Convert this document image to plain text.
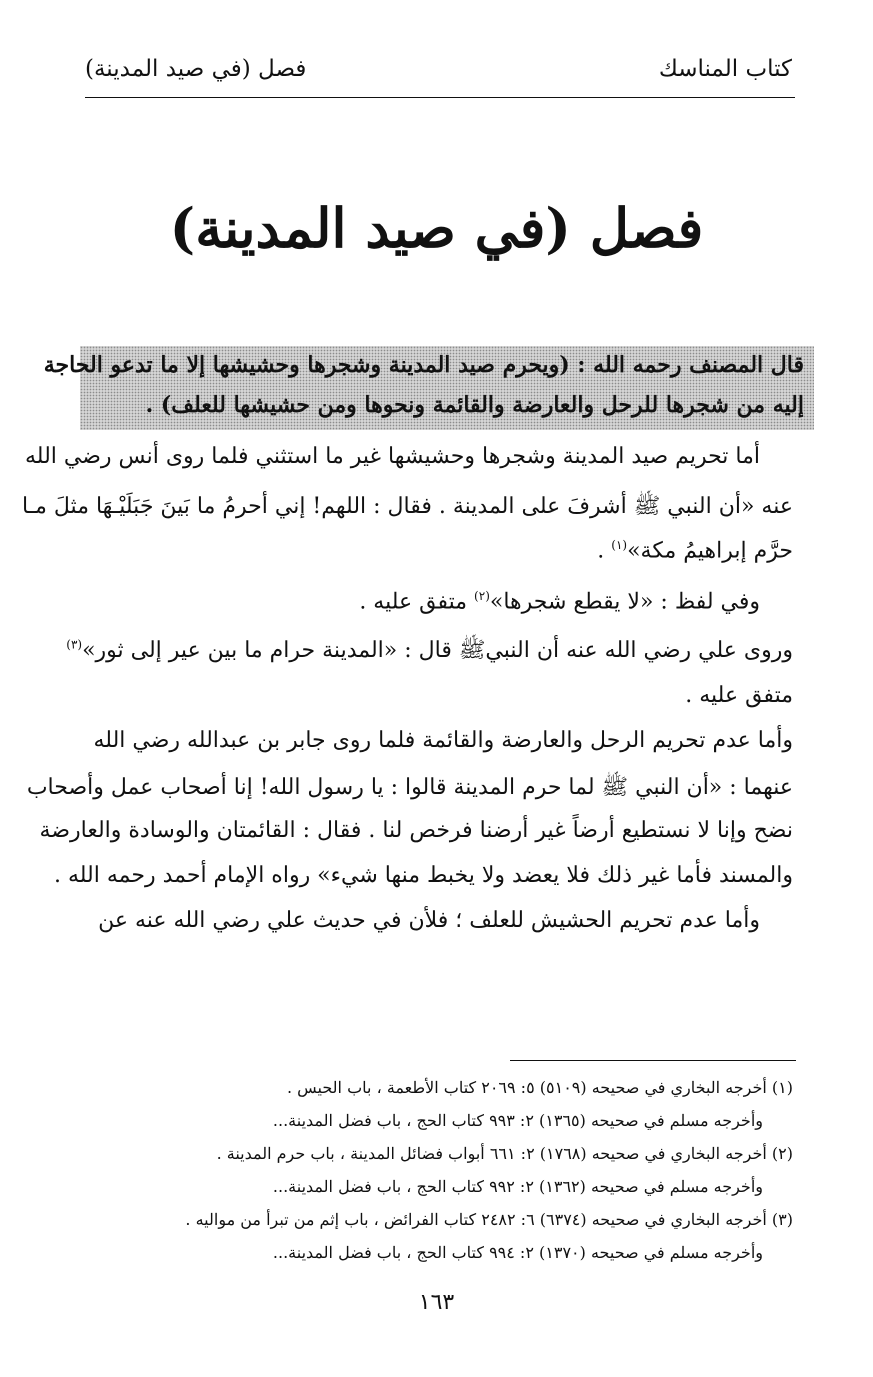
كتاب المناسك
فصل (في صيد المدينة)
فصل (في صيد المدينة)
قال المصنف رحمه الله : (ويحرم صيد المدينة وشجرها وحشيشها إلا ما تدعو الحاجة
إليه من شجرها للرحل والعارضة والقائمة ونحوها ومن حشيشها للعلف) .
أما تحريم صيد المدينة وشجرها وحشيشها غير ما استثني فلما روى أنس رضي الله
عنه «أن النبي ﷺ أشرفَ على المدينة . فقال : اللهم! إني أحرمُ ما بَينَ جَبَلَيْـهَا مثلَ مـا
حرَّم إبراهيمُ مكة»$^{(١)}$ .
وفي لفظ : «لا يقطع شجرها»$^{(٢)}$ متفق عليه .
وروى علي رضي الله عنه أن النبيﷺ قال : «المدينة حرام ما بين عير إلى ثور»$^{(٣)}$
متفق عليه .
وأما عدم تحريم الرحل والعارضة والقائمة فلما روى جابر بن عبدالله رضي الله
عنهما : «أن النبي ﷺ لما حرم المدينة قالوا : يا رسول الله! إنا أصحاب عمل وأصحاب
نضح وإنا لا نستطيع أرضاً غير أرضنا فرخص لنا . فقال : القائمتان والوسادة والعارضة
والمسند فأما غير ذلك فلا يعضد ولا يخبط منها شيء» رواه الإمام أحمد رحمه الله .
وأما عدم تحريم الحشيش للعلف ؛ فلأن في حديث علي رضي الله عنه عن
(١) أخرجه البخاري في صحيحه (٥١٠٩) ٥: ٢٠٦٩ كتاب الأطعمة ، باب الحيس .
وأخرجه مسلم في صحيحه (١٣٦٥) ٢: ٩٩٣ كتاب الحج ، باب فضل المدينة...
(٢) أخرجه البخاري في صحيحه (١٧٦٨) ٢: ٦٦١ أبواب فضائل المدينة ، باب حرم المدينة .
وأخرجه مسلم في صحيحه (١٣٦٢) ٢: ٩٩٢ كتاب الحج ، باب فضل المدينة...
(٣) أخرجه البخاري في صحيحه (٦٣٧٤) ٦: ٢٤٨٢ كتاب الفرائض ، باب إثم من تبرأ من مواليه .
وأخرجه مسلم في صحيحه (١٣٧٠) ٢: ٩٩٤ كتاب الحج ، باب فضل المدينة...
١٦٣
